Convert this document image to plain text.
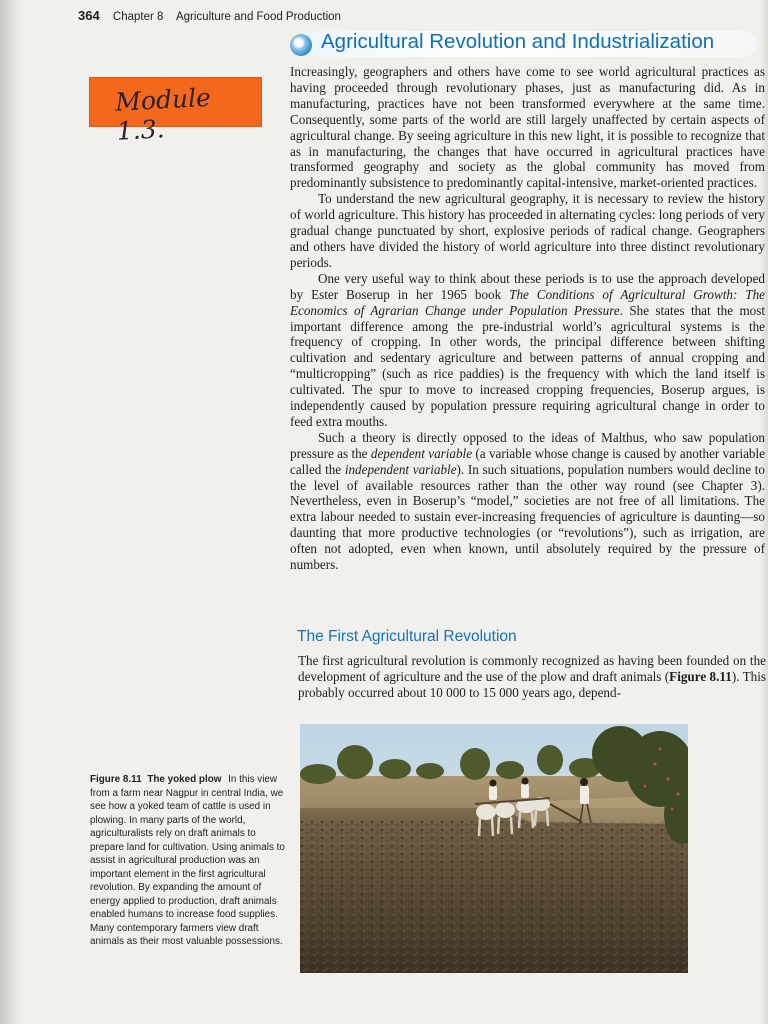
364 Chapter 8 Agriculture and Food Production
Module 1.3.
Agricultural Revolution and Industrialization

Increasingly, geographers and others have come to see world agricultural practices as having proceeded through revolutionary phases, just as manufacturing did. As in manufacturing, practices have not been transformed everywhere at the same time. Consequently, some parts of the world are still largely unaffected by certain aspects of agricultural change. By seeing agriculture in this new light, it is possible to recognize that as in manufacturing, the changes that have occurred in agricultural practices have transformed geography and society as the global community has moved from predominantly subsistence to predominantly capital-intensive, market-oriented practices.

To understand the new agricultural geography, it is necessary to review the history of world agriculture. This history has proceeded in alternating cycles: long periods of very gradual change punctuated by short, explosive periods of radical change. Geographers and others have divided the history of world agriculture into three distinct revolutionary periods.

One very useful way to think about these periods is to use the approach developed by Ester Boserup in her 1965 book The Conditions of Agricultural Growth: The Economics of Agrarian Change under Population Pressure. She states that the most important difference among the pre-industrial world’s agricultural systems is the frequency of cropping. In other words, the principal difference between shifting cultivation and sedentary agriculture and between patterns of annual cropping and “multicropping” (such as rice paddies) is the frequency with which the land itself is cultivated. The spur to move to increased cropping frequencies, Boserup argues, is independently caused by population pressure requiring agricultural change in order to feed extra mouths.

Such a theory is directly opposed to the ideas of Malthus, who saw population pressure as the dependent variable (a variable whose change is caused by another variable called the independent variable). In such situations, population numbers would decline to the level of available resources rather than the other way round (see Chapter 3). Nevertheless, even in Boserup’s “model,” societies are not free of all limitations. The extra labour needed to sustain ever-increasing frequencies of agriculture is daunting—so daunting that more productive technologies (or “revolutions”), such as irrigation, are often not adopted, even when known, until absolutely required by the pressure of numbers.

The First Agricultural Revolution

The first agricultural revolution is commonly recognized as having been founded on the development of agriculture and the use of the plow and draft animals (Figure 8.11). This probably occurred about 10 000 to 15 000 years ago, depend-

Figure 8.11 The yoked plow In this view from a farm near Nagpur in central India, we see how a yoked team of cattle is used in plowing. In many parts of the world, agriculturalists rely on draft animals to prepare land for cultivation. Using animals to assist in agricultural production was an important element in the first agricultural revolution. By expanding the amount of energy applied to production, draft animals enabled humans to increase food supplies. Many contemporary farmers view draft animals as their most valuable possessions.
